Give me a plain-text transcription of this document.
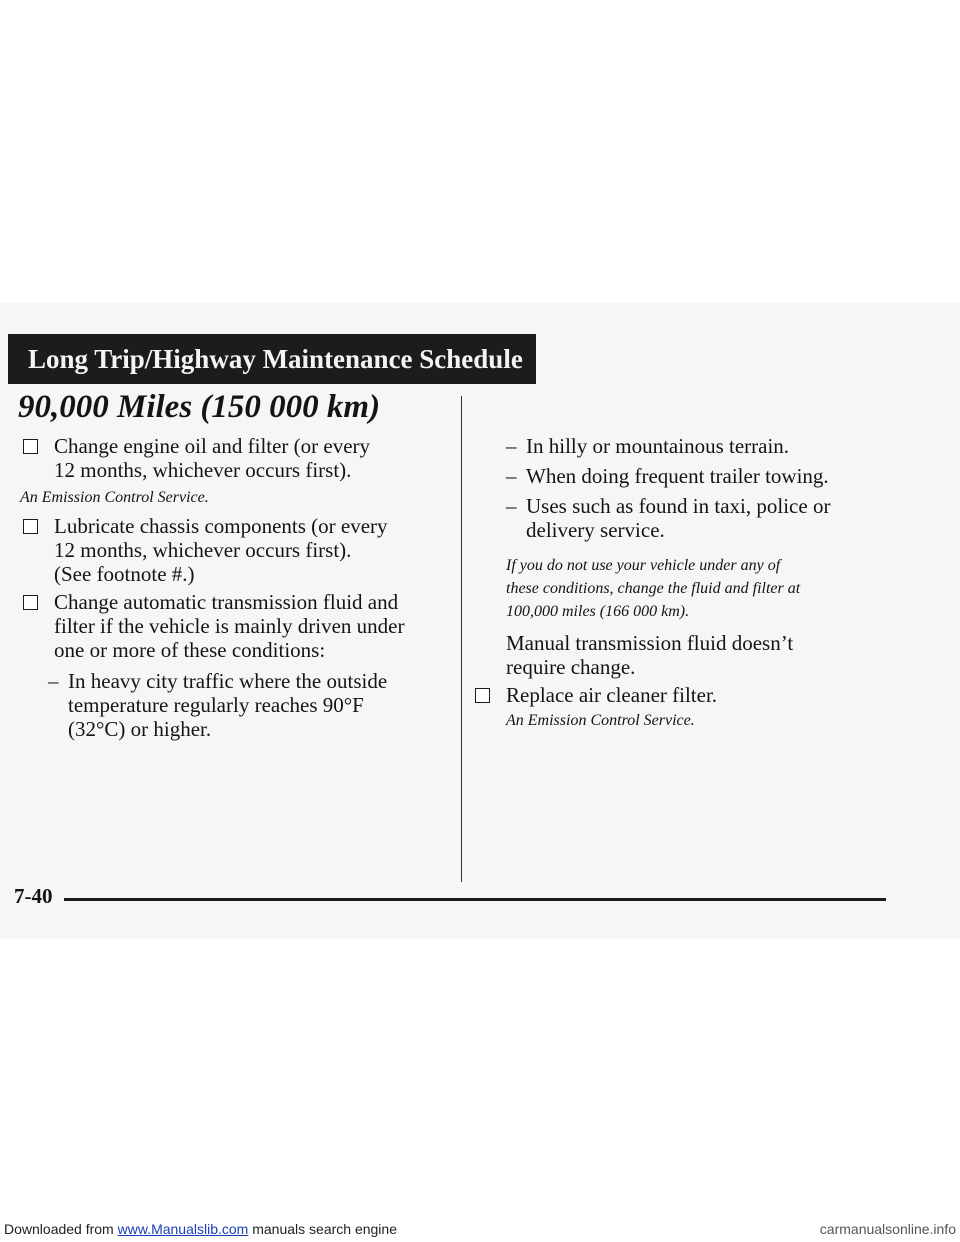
Long Trip/Highway Maintenance Schedule
90,000 Miles (150 000 km)
Change engine oil and filter (or every
12 months, whichever occurs first).

An Emission Control Service.

Lubricate chassis components (or every
12 months, whichever occurs first).
(See footnote #.)
Change automatic transmission fluid and
filter if the vehicle is mainly driven under
one or more of these conditions:
– In heavy city traffic where the outside
temperature regularly reaches 90°F
(32°C) or higher.
– In hilly or mountainous terrain.
– When doing frequent trailer towing.
– Uses such as found in taxi, police or
delivery service.

If you do not use your vehicle under any of
these conditions, change the fluid and filter at
100,000 miles (166 000 km).

Manual transmission fluid doesn’t
require change.

Replace air cleaner filter.

An Emission Control Service.

7-40
Downloaded from www.Manualslib.com manuals search engine	carmanualsonline.info
